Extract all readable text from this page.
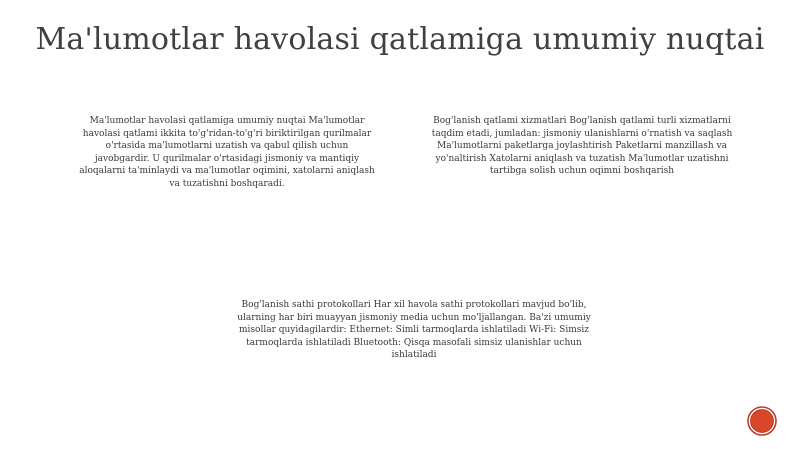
Ma'lumotlar havolasi qatlamiga umumiy nuqtai
Ma'lumotlar havolasi qatlamiga umumiy nuqtai Ma'lumotlar havolasi qatlami ikkita to'g'ridan-to'g'ri biriktirilgan qurilmalar o'rtasida ma'lumotlarni uzatish va qabul qilish uchun javobgardir. U qurilmalar o'rtasidagi jismoniy va mantiqiy aloqalarni ta'minlaydi va ma'lumotlar oqimini, xatolarni aniqlash va tuzatishni boshqaradi.
Bog'lanish qatlami xizmatlari Bog'lanish qatlami turli xizmatlarni taqdim etadi, jumladan: jismoniy ulanishlarni o'rnatish va saqlash Ma'lumotlarni paketlarga joylashtirish Paketlarni manzillash va yo'naltirish Xatolarni aniqlash va tuzatish Ma'lumotlar uzatishni tartibga solish uchun oqimni boshqarish
Bog'lanish sathi protokollari Har xil havola sathi protokollari mavjud bo'lib, ularning har biri muayyan jismoniy media uchun mo'ljallangan. Ba'zi umumiy misollar quyidagilardir: Ethernet: Simli tarmoqlarda ishlatiladi Wi-Fi: Simsiz tarmoqlarda ishlatiladi Bluetooth: Qisqa masofali simsiz ulanishlar uchun ishlatiladi
